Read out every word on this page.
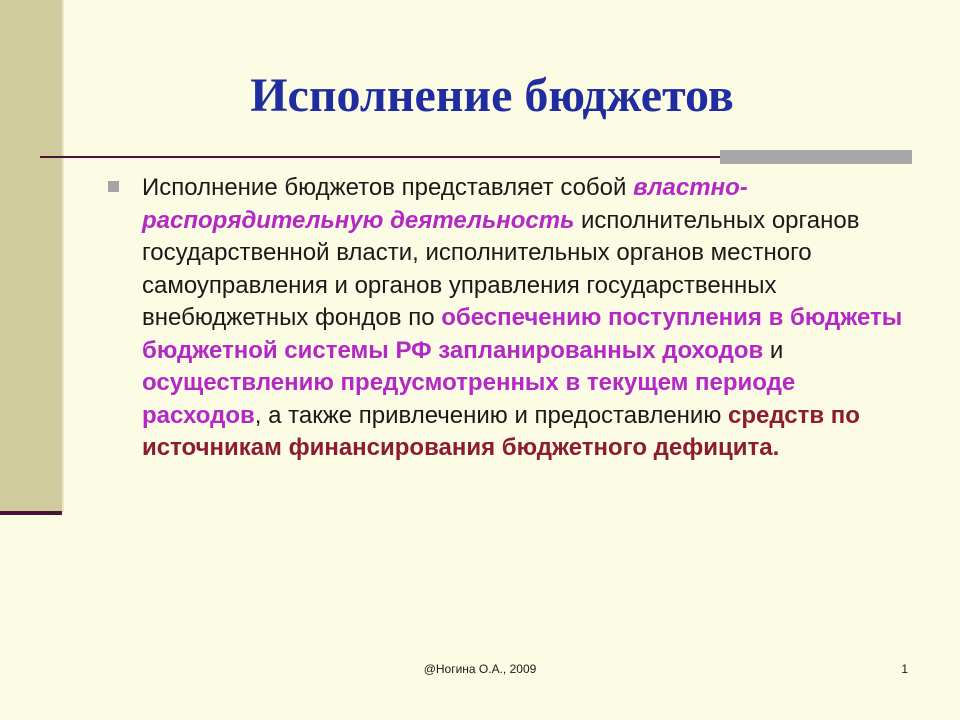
Исполнение бюджетов

Исполнение бюджетов представляет собой властно-распорядительную деятельность исполнительных органов государственной власти, исполнительных органов местного самоуправления и органов управления государственных внебюджетных фондов по обеспечению поступления в бюджеты бюджетной системы РФ запланированных доходов и осуществлению предусмотренных в текущем периоде расходов, а также привлечению и предоставлению средств по источникам финансирования бюджетного дефицита.

@Ногина О.А., 2009	1
